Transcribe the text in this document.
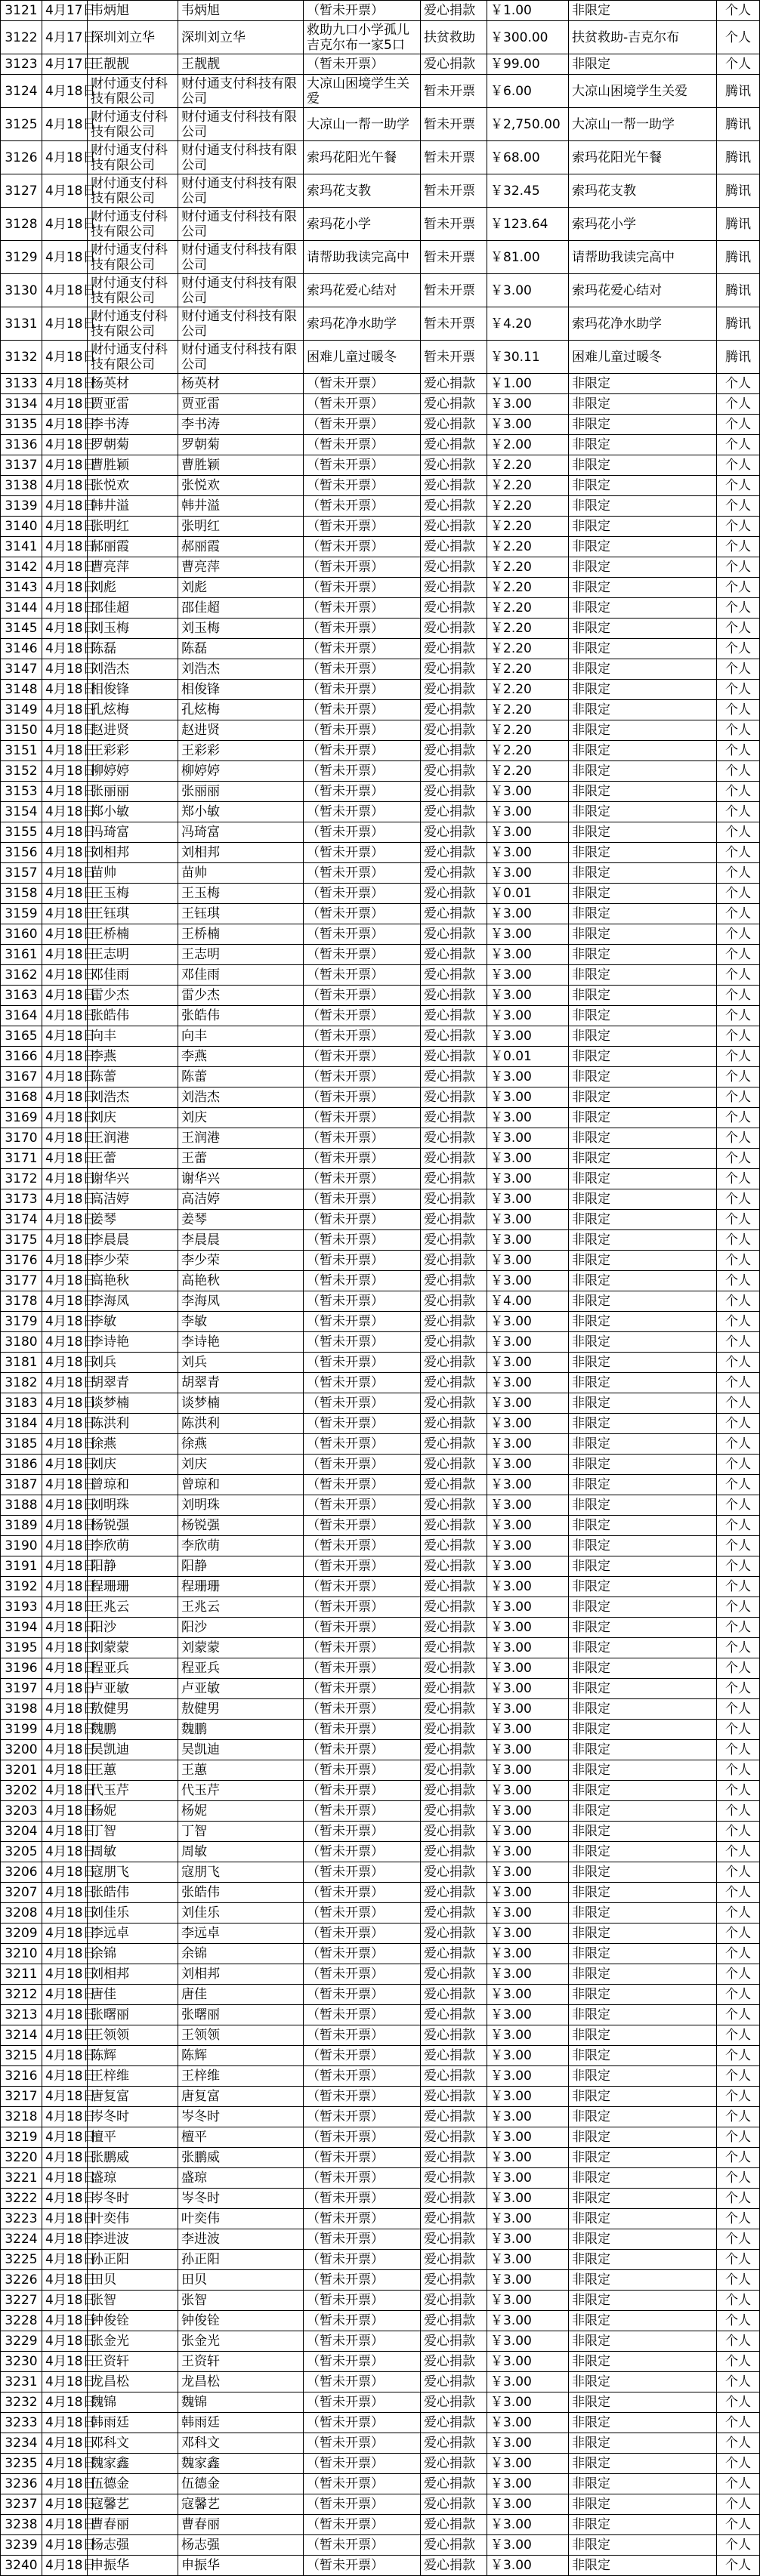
3121	4月17日	韦炳旭	韦炳旭	（暂未开票）	爱心捐款	￥1.00	非限定	个人
3122	4月17日	深圳刘立华	深圳刘立华	救助九口小学孤儿吉克尔布一家5口	扶贫救助	￥300.00	扶贫救助-吉克尔布	个人
3123	4月17日	王靓靓	王靓靓	（暂未开票）	爱心捐款	￥99.00	非限定	个人
3124	4月18日	财付通支付科技有限公司	财付通支付科技有限公司	大凉山困境学生关爱	暂未开票	￥6.00	大凉山困境学生关爱	腾讯
3125	4月18日	财付通支付科技有限公司	财付通支付科技有限公司	大凉山一帮一助学	暂未开票	￥2,750.00	大凉山一帮一助学	腾讯
3126	4月18日	财付通支付科技有限公司	财付通支付科技有限公司	索玛花阳光午餐	暂未开票	￥68.00	索玛花阳光午餐	腾讯
3127	4月18日	财付通支付科技有限公司	财付通支付科技有限公司	索玛花支教	暂未开票	￥32.45	索玛花支教	腾讯
3128	4月18日	财付通支付科技有限公司	财付通支付科技有限公司	索玛花小学	暂未开票	￥123.64	索玛花小学	腾讯
3129	4月18日	财付通支付科技有限公司	财付通支付科技有限公司	请帮助我读完高中	暂未开票	￥81.00	请帮助我读完高中	腾讯
3130	4月18日	财付通支付科技有限公司	财付通支付科技有限公司	索玛花爱心结对	暂未开票	￥3.00	索玛花爱心结对	腾讯
3131	4月18日	财付通支付科技有限公司	财付通支付科技有限公司	索玛花净水助学	暂未开票	￥4.20	索玛花净水助学	腾讯
3132	4月18日	财付通支付科技有限公司	财付通支付科技有限公司	困难儿童过暖冬	暂未开票	￥30.11	困难儿童过暖冬	腾讯
3133	4月18日	杨英材	杨英材	（暂未开票）	爱心捐款	￥1.00	非限定	个人
3134	4月18日	贾亚雷	贾亚雷	（暂未开票）	爱心捐款	￥3.00	非限定	个人
3135	4月18日	李书涛	李书涛	（暂未开票）	爱心捐款	￥3.00	非限定	个人
3136	4月18日	罗朝菊	罗朝菊	（暂未开票）	爱心捐款	￥2.00	非限定	个人
3137	4月18日	曹胜颖	曹胜颖	（暂未开票）	爱心捐款	￥2.20	非限定	个人
3138	4月18日	张悦欢	张悦欢	（暂未开票）	爱心捐款	￥2.20	非限定	个人
3139	4月18日	韩井溢	韩井溢	（暂未开票）	爱心捐款	￥2.20	非限定	个人
3140	4月18日	张明红	张明红	（暂未开票）	爱心捐款	￥2.20	非限定	个人
3141	4月18日	郝丽霞	郝丽霞	（暂未开票）	爱心捐款	￥2.20	非限定	个人
3142	4月18日	曹亮萍	曹亮萍	（暂未开票）	爱心捐款	￥2.20	非限定	个人
3143	4月18日	刘彪	刘彪	（暂未开票）	爱心捐款	￥2.20	非限定	个人
3144	4月18日	邵佳超	邵佳超	（暂未开票）	爱心捐款	￥2.20	非限定	个人
3145	4月18日	刘玉梅	刘玉梅	（暂未开票）	爱心捐款	￥2.20	非限定	个人
3146	4月18日	陈磊	陈磊	（暂未开票）	爱心捐款	￥2.20	非限定	个人
3147	4月18日	刘浩杰	刘浩杰	（暂未开票）	爱心捐款	￥2.20	非限定	个人
3148	4月18日	相俊锋	相俊锋	（暂未开票）	爱心捐款	￥2.20	非限定	个人
3149	4月18日	孔炫梅	孔炫梅	（暂未开票）	爱心捐款	￥2.20	非限定	个人
3150	4月18日	赵进贤	赵进贤	（暂未开票）	爱心捐款	￥2.20	非限定	个人
3151	4月18日	王彩彩	王彩彩	（暂未开票）	爱心捐款	￥2.20	非限定	个人
3152	4月18日	柳婷婷	柳婷婷	（暂未开票）	爱心捐款	￥2.20	非限定	个人
3153	4月18日	张丽丽	张丽丽	（暂未开票）	爱心捐款	￥3.00	非限定	个人
3154	4月18日	郑小敏	郑小敏	（暂未开票）	爱心捐款	￥3.00	非限定	个人
3155	4月18日	冯琦富	冯琦富	（暂未开票）	爱心捐款	￥3.00	非限定	个人
3156	4月18日	刘相邦	刘相邦	（暂未开票）	爱心捐款	￥3.00	非限定	个人
3157	4月18日	苗帅	苗帅	（暂未开票）	爱心捐款	￥3.00	非限定	个人
3158	4月18日	王玉梅	王玉梅	（暂未开票）	爱心捐款	￥0.01	非限定	个人
3159	4月18日	王钰琪	王钰琪	（暂未开票）	爱心捐款	￥3.00	非限定	个人
3160	4月18日	王桥楠	王桥楠	（暂未开票）	爱心捐款	￥3.00	非限定	个人
3161	4月18日	王志明	王志明	（暂未开票）	爱心捐款	￥3.00	非限定	个人
3162	4月18日	邓佳雨	邓佳雨	（暂未开票）	爱心捐款	￥3.00	非限定	个人
3163	4月18日	雷少杰	雷少杰	（暂未开票）	爱心捐款	￥3.00	非限定	个人
3164	4月18日	张皓伟	张皓伟	（暂未开票）	爱心捐款	￥3.00	非限定	个人
3165	4月18日	向丰	向丰	（暂未开票）	爱心捐款	￥3.00	非限定	个人
3166	4月18日	李燕	李燕	（暂未开票）	爱心捐款	￥0.01	非限定	个人
3167	4月18日	陈蕾	陈蕾	（暂未开票）	爱心捐款	￥3.00	非限定	个人
3168	4月18日	刘浩杰	刘浩杰	（暂未开票）	爱心捐款	￥3.00	非限定	个人
3169	4月18日	刘庆	刘庆	（暂未开票）	爱心捐款	￥3.00	非限定	个人
3170	4月18日	王润港	王润港	（暂未开票）	爱心捐款	￥3.00	非限定	个人
3171	4月18日	王蕾	王蕾	（暂未开票）	爱心捐款	￥3.00	非限定	个人
3172	4月18日	谢华兴	谢华兴	（暂未开票）	爱心捐款	￥3.00	非限定	个人
3173	4月18日	高洁婷	高洁婷	（暂未开票）	爱心捐款	￥3.00	非限定	个人
3174	4月18日	姜琴	姜琴	（暂未开票）	爱心捐款	￥3.00	非限定	个人
3175	4月18日	李晨晨	李晨晨	（暂未开票）	爱心捐款	￥3.00	非限定	个人
3176	4月18日	李少荣	李少荣	（暂未开票）	爱心捐款	￥3.00	非限定	个人
3177	4月18日	高艳秋	高艳秋	（暂未开票）	爱心捐款	￥3.00	非限定	个人
3178	4月18日	李海凤	李海凤	（暂未开票）	爱心捐款	￥4.00	非限定	个人
3179	4月18日	李敏	李敏	（暂未开票）	爱心捐款	￥3.00	非限定	个人
3180	4月18日	李诗艳	李诗艳	（暂未开票）	爱心捐款	￥3.00	非限定	个人
3181	4月18日	刘兵	刘兵	（暂未开票）	爱心捐款	￥3.00	非限定	个人
3182	4月18日	胡翠青	胡翠青	（暂未开票）	爱心捐款	￥3.00	非限定	个人
3183	4月18日	谈梦楠	谈梦楠	（暂未开票）	爱心捐款	￥3.00	非限定	个人
3184	4月18日	陈洪利	陈洪利	（暂未开票）	爱心捐款	￥3.00	非限定	个人
3185	4月18日	徐燕	徐燕	（暂未开票）	爱心捐款	￥3.00	非限定	个人
3186	4月18日	刘庆	刘庆	（暂未开票）	爱心捐款	￥3.00	非限定	个人
3187	4月18日	曾琼和	曾琼和	（暂未开票）	爱心捐款	￥3.00	非限定	个人
3188	4月18日	刘明珠	刘明珠	（暂未开票）	爱心捐款	￥3.00	非限定	个人
3189	4月18日	杨锐强	杨锐强	（暂未开票）	爱心捐款	￥3.00	非限定	个人
3190	4月18日	李欣萌	李欣萌	（暂未开票）	爱心捐款	￥3.00	非限定	个人
3191	4月18日	阳静	阳静	（暂未开票）	爱心捐款	￥3.00	非限定	个人
3192	4月18日	程珊珊	程珊珊	（暂未开票）	爱心捐款	￥3.00	非限定	个人
3193	4月18日	王兆云	王兆云	（暂未开票）	爱心捐款	￥3.00	非限定	个人
3194	4月18日	阳沙	阳沙	（暂未开票）	爱心捐款	￥3.00	非限定	个人
3195	4月18日	刘蒙蒙	刘蒙蒙	（暂未开票）	爱心捐款	￥3.00	非限定	个人
3196	4月18日	程亚兵	程亚兵	（暂未开票）	爱心捐款	￥3.00	非限定	个人
3197	4月18日	卢亚敏	卢亚敏	（暂未开票）	爱心捐款	￥3.00	非限定	个人
3198	4月18日	敖健男	敖健男	（暂未开票）	爱心捐款	￥3.00	非限定	个人
3199	4月18日	魏鹏	魏鹏	（暂未开票）	爱心捐款	￥3.00	非限定	个人
3200	4月18日	吴凯迪	吴凯迪	（暂未开票）	爱心捐款	￥3.00	非限定	个人
3201	4月18日	王蕙	王蕙	（暂未开票）	爱心捐款	￥3.00	非限定	个人
3202	4月18日	代玉芹	代玉芹	（暂未开票）	爱心捐款	￥3.00	非限定	个人
3203	4月18日	杨妮	杨妮	（暂未开票）	爱心捐款	￥3.00	非限定	个人
3204	4月18日	丁智	丁智	（暂未开票）	爱心捐款	￥3.00	非限定	个人
3205	4月18日	周敏	周敏	（暂未开票）	爱心捐款	￥3.00	非限定	个人
3206	4月18日	寇朋飞	寇朋飞	（暂未开票）	爱心捐款	￥3.00	非限定	个人
3207	4月18日	张皓伟	张皓伟	（暂未开票）	爱心捐款	￥3.00	非限定	个人
3208	4月18日	刘佳乐	刘佳乐	（暂未开票）	爱心捐款	￥3.00	非限定	个人
3209	4月18日	李远卓	李远卓	（暂未开票）	爱心捐款	￥3.00	非限定	个人
3210	4月18日	余锦	余锦	（暂未开票）	爱心捐款	￥3.00	非限定	个人
3211	4月18日	刘相邦	刘相邦	（暂未开票）	爱心捐款	￥3.00	非限定	个人
3212	4月18日	唐佳	唐佳	（暂未开票）	爱心捐款	￥3.00	非限定	个人
3213	4月18日	张曙丽	张曙丽	（暂未开票）	爱心捐款	￥3.00	非限定	个人
3214	4月18日	王领领	王领领	（暂未开票）	爱心捐款	￥3.00	非限定	个人
3215	4月18日	陈辉	陈辉	（暂未开票）	爱心捐款	￥3.00	非限定	个人
3216	4月18日	王梓维	王梓维	（暂未开票）	爱心捐款	￥3.00	非限定	个人
3217	4月18日	唐复富	唐复富	（暂未开票）	爱心捐款	￥3.00	非限定	个人
3218	4月18日	岑冬时	岑冬时	（暂未开票）	爱心捐款	￥3.00	非限定	个人
3219	4月18日	檀平	檀平	（暂未开票）	爱心捐款	￥3.00	非限定	个人
3220	4月18日	张鹏威	张鹏威	（暂未开票）	爱心捐款	￥3.00	非限定	个人
3221	4月18日	盛琼	盛琼	（暂未开票）	爱心捐款	￥3.00	非限定	个人
3222	4月18日	岑冬时	岑冬时	（暂未开票）	爱心捐款	￥3.00	非限定	个人
3223	4月18日	叶奕伟	叶奕伟	（暂未开票）	爱心捐款	￥3.00	非限定	个人
3224	4月18日	李进波	李进波	（暂未开票）	爱心捐款	￥3.00	非限定	个人
3225	4月18日	孙正阳	孙正阳	（暂未开票）	爱心捐款	￥3.00	非限定	个人
3226	4月18日	田贝	田贝	（暂未开票）	爱心捐款	￥3.00	非限定	个人
3227	4月18日	张智	张智	（暂未开票）	爱心捐款	￥3.00	非限定	个人
3228	4月18日	钟俊铨	钟俊铨	（暂未开票）	爱心捐款	￥3.00	非限定	个人
3229	4月18日	张金光	张金光	（暂未开票）	爱心捐款	￥3.00	非限定	个人
3230	4月18日	王资轩	王资轩	（暂未开票）	爱心捐款	￥3.00	非限定	个人
3231	4月18日	龙昌松	龙昌松	（暂未开票）	爱心捐款	￥3.00	非限定	个人
3232	4月18日	魏锦	魏锦	（暂未开票）	爱心捐款	￥3.00	非限定	个人
3233	4月18日	韩雨廷	韩雨廷	（暂未开票）	爱心捐款	￥3.00	非限定	个人
3234	4月18日	邓科文	邓科文	（暂未开票）	爱心捐款	￥3.00	非限定	个人
3235	4月18日	魏家鑫	魏家鑫	（暂未开票）	爱心捐款	￥3.00	非限定	个人
3236	4月18日	伍德金	伍德金	（暂未开票）	爱心捐款	￥3.00	非限定	个人
3237	4月18日	寇馨艺	寇馨艺	（暂未开票）	爱心捐款	￥3.00	非限定	个人
3238	4月18日	曹春丽	曹春丽	（暂未开票）	爱心捐款	￥3.00	非限定	个人
3239	4月18日	杨志强	杨志强	（暂未开票）	爱心捐款	￥3.00	非限定	个人
3240	4月18日	申振华	申振华	（暂未开票）	爱心捐款	￥3.00	非限定	个人
